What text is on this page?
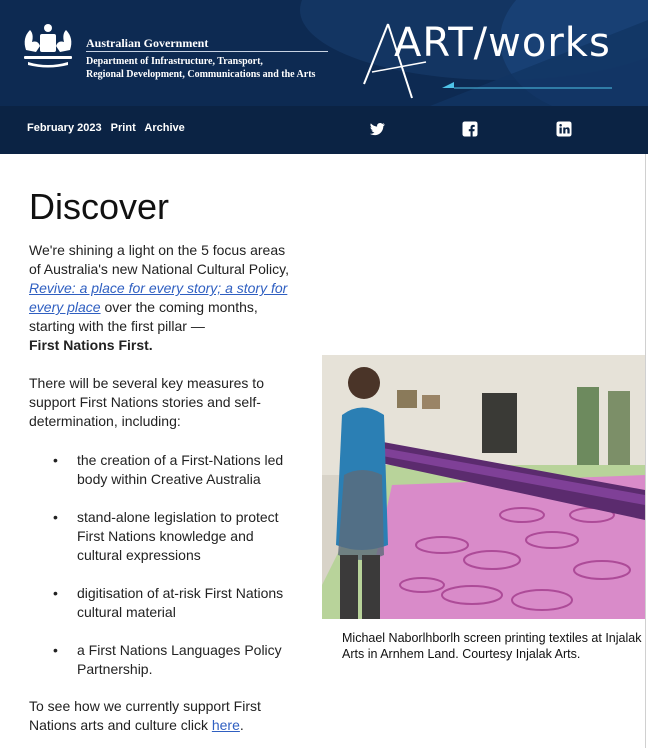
Australian Government
Department of Infrastructure, Transport,
Regional Development, Communications and the Arts
ART/works
February 2023 Print Archive
Discover

We're shining a light on the 5 focus areas of Australia's new National Cultural Policy, Revive: a place for every story; a story for every place over the coming months, starting with the first pillar —
First Nations First.

There will be several key measures to support First Nations stories and self-determination, including:

• the creation of a First-Nations led body within Creative Australia
• stand-alone legislation to protect First Nations knowledge and cultural expressions
• digitisation of at-risk First Nations cultural material
• a First Nations Languages Policy Partnership.

To see how we currently support First Nations arts and culture click here.

Michael Naborlhborlh screen printing textiles at Injalak Arts in Arnhem Land. Courtesy Injalak Arts.
